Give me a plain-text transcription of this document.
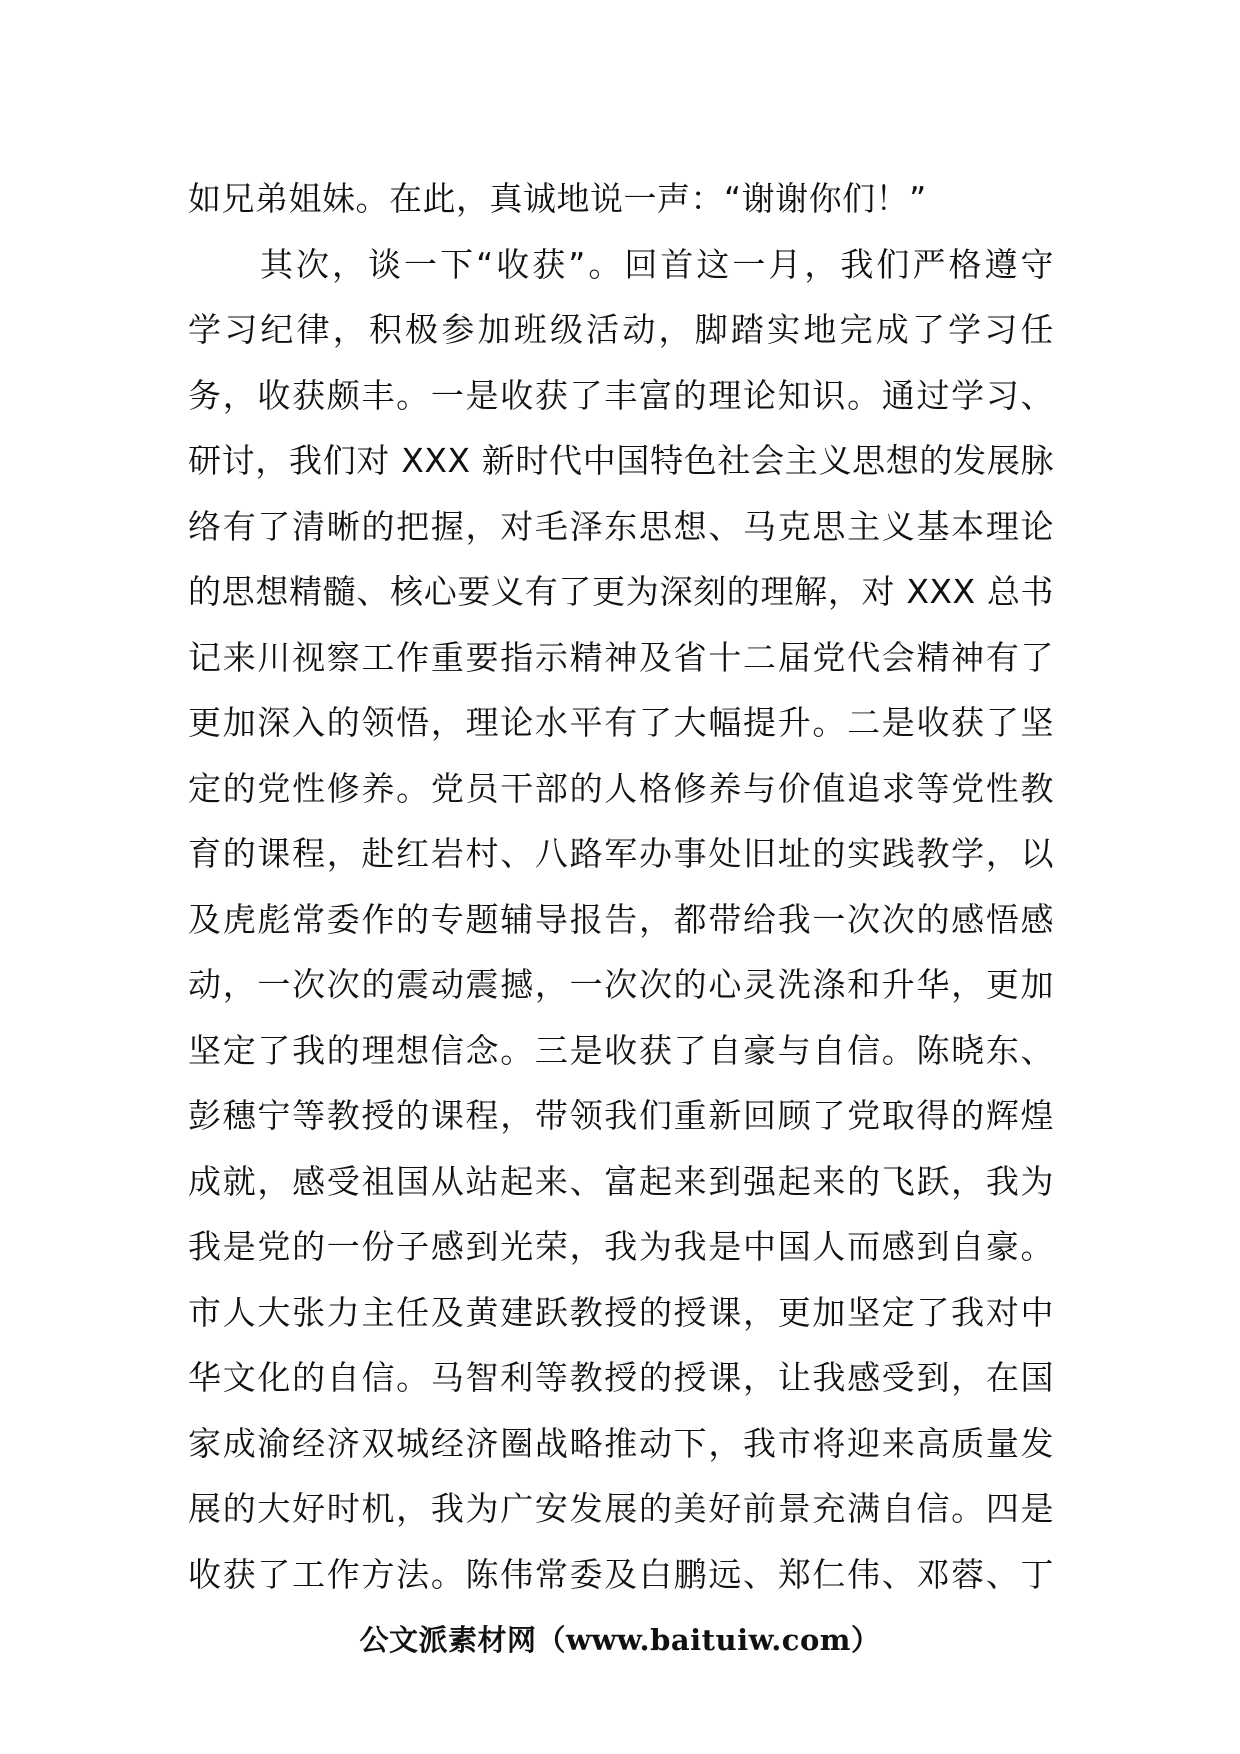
如兄弟姐妹。在此，真诚地说一声：“谢谢你们！”
其次，谈一下“收获”。回首这一月，我们严格遵守
学习纪律，积极参加班级活动，脚踏实地完成了学习任
务，收获颇丰。一是收获了丰富的理论知识。通过学习、
研讨，我们对 XXX 新时代中国特色社会主义思想的发展脉
络有了清晰的把握，对毛泽东思想、马克思主义基本理论
的思想精髓、核心要义有了更为深刻的理解，对 XXX 总书
记来川视察工作重要指示精神及省十二届党代会精神有了
更加深入的领悟，理论水平有了大幅提升。二是收获了坚
定的党性修养。党员干部的人格修养与价值追求等党性教
育的课程，赴红岩村、八路军办事处旧址的实践教学，以
及虎彪常委作的专题辅导报告，都带给我一次次的感悟感
动，一次次的震动震撼，一次次的心灵洗涤和升华，更加
坚定了我的理想信念。三是收获了自豪与自信。陈晓东、
彭穗宁等教授的课程，带领我们重新回顾了党取得的辉煌
成就，感受祖国从站起来、富起来到强起来的飞跃，我为
我是党的一份子感到光荣，我为我是中国人而感到自豪。
市人大张力主任及黄建跃教授的授课，更加坚定了我对中
华文化的自信。马智利等教授的授课，让我感受到，在国
家成渝经济双城经济圈战略推动下，我市将迎来高质量发
展的大好时机，我为广安发展的美好前景充满自信。四是
收获了工作方法。陈伟常委及白鹏远、郑仁伟、邓蓉、丁
公文派素材网（www.baituiw.com）
